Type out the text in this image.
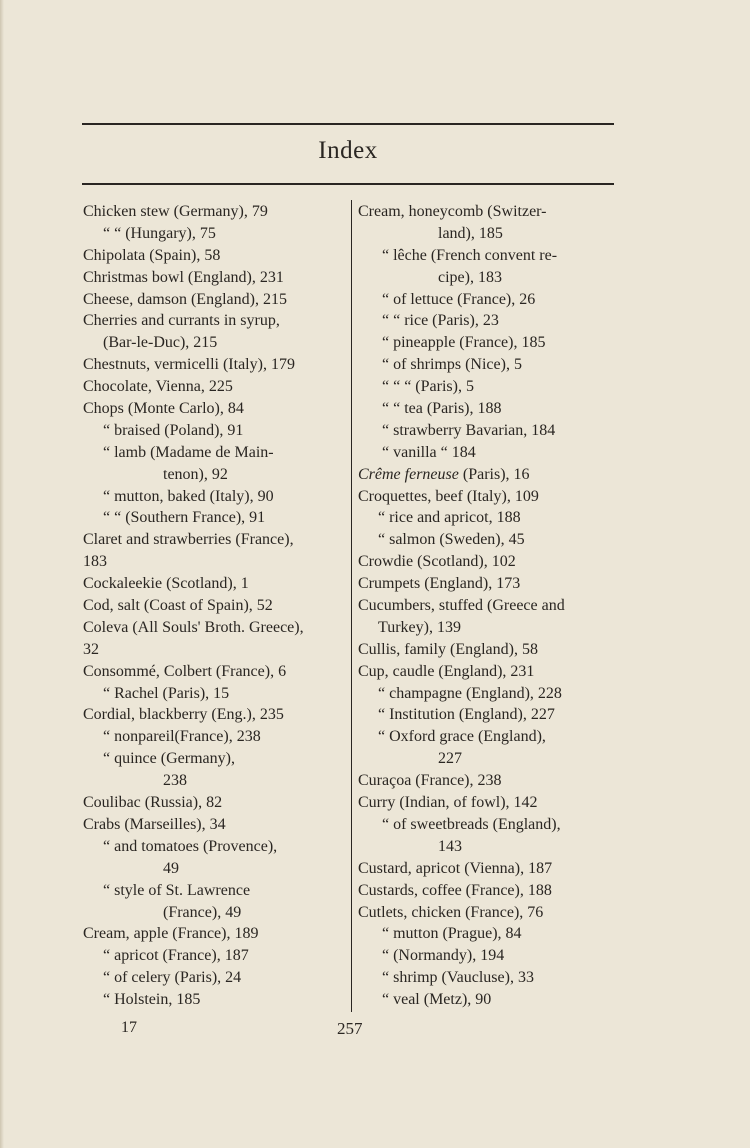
Index
Chicken stew (Germany), 79
“ “ (Hungary), 75
Chipolata (Spain), 58
Christmas bowl (England), 231
Cheese, damson (England), 215
Cherries and currants in syrup,
(Bar-le-Duc), 215
Chestnuts, vermicelli (Italy), 179
Chocolate, Vienna, 225
Chops (Monte Carlo), 84
“ braised (Poland), 91
“ lamb (Madame de Main-
tenon), 92
“ mutton, baked (Italy), 90
“ “ (Southern France), 91
Claret and strawberries (France),
183
Cockaleekie (Scotland), 1
Cod, salt (Coast of Spain), 52
Coleva (All Souls' Broth. Greece),
32
Consommé, Colbert (France), 6
“ Rachel (Paris), 15
Cordial, blackberry (Eng.), 235
“ nonpareil(France), 238
“ quince (Germany),
238
Coulibac (Russia), 82
Crabs (Marseilles), 34
“ and tomatoes (Provence),
49
“ style of St. Lawrence
(France), 49
Cream, apple (France), 189
“ apricot (France), 187
“ of celery (Paris), 24
“ Holstein, 185
Cream, honeycomb (Switzer-
land), 185
“ lêche (French convent re-
cipe), 183
“ of lettuce (France), 26
“ “ rice (Paris), 23
“ pineapple (France), 185
“ of shrimps (Nice), 5
“ “ “ (Paris), 5
“ “ tea (Paris), 188
“ strawberry Bavarian, 184
“ vanilla “ 184
Crême ferneuse (Paris), 16
Croquettes, beef (Italy), 109
“ rice and apricot, 188
“ salmon (Sweden), 45
Crowdie (Scotland), 102
Crumpets (England), 173
Cucumbers, stuffed (Greece and
Turkey), 139
Cullis, family (England), 58
Cup, caudle (England), 231
“ champagne (England), 228
“ Institution (England), 227
“ Oxford grace (England),
227
Curaçoa (France), 238
Curry (Indian, of fowl), 142
“ of sweetbreads (England),
143
Custard, apricot (Vienna), 187
Custards, coffee (France), 188
Cutlets, chicken (France), 76
“ mutton (Prague), 84
“ (Normandy), 194
“ shrimp (Vaucluse), 33
“ veal (Metz), 90
17	257
